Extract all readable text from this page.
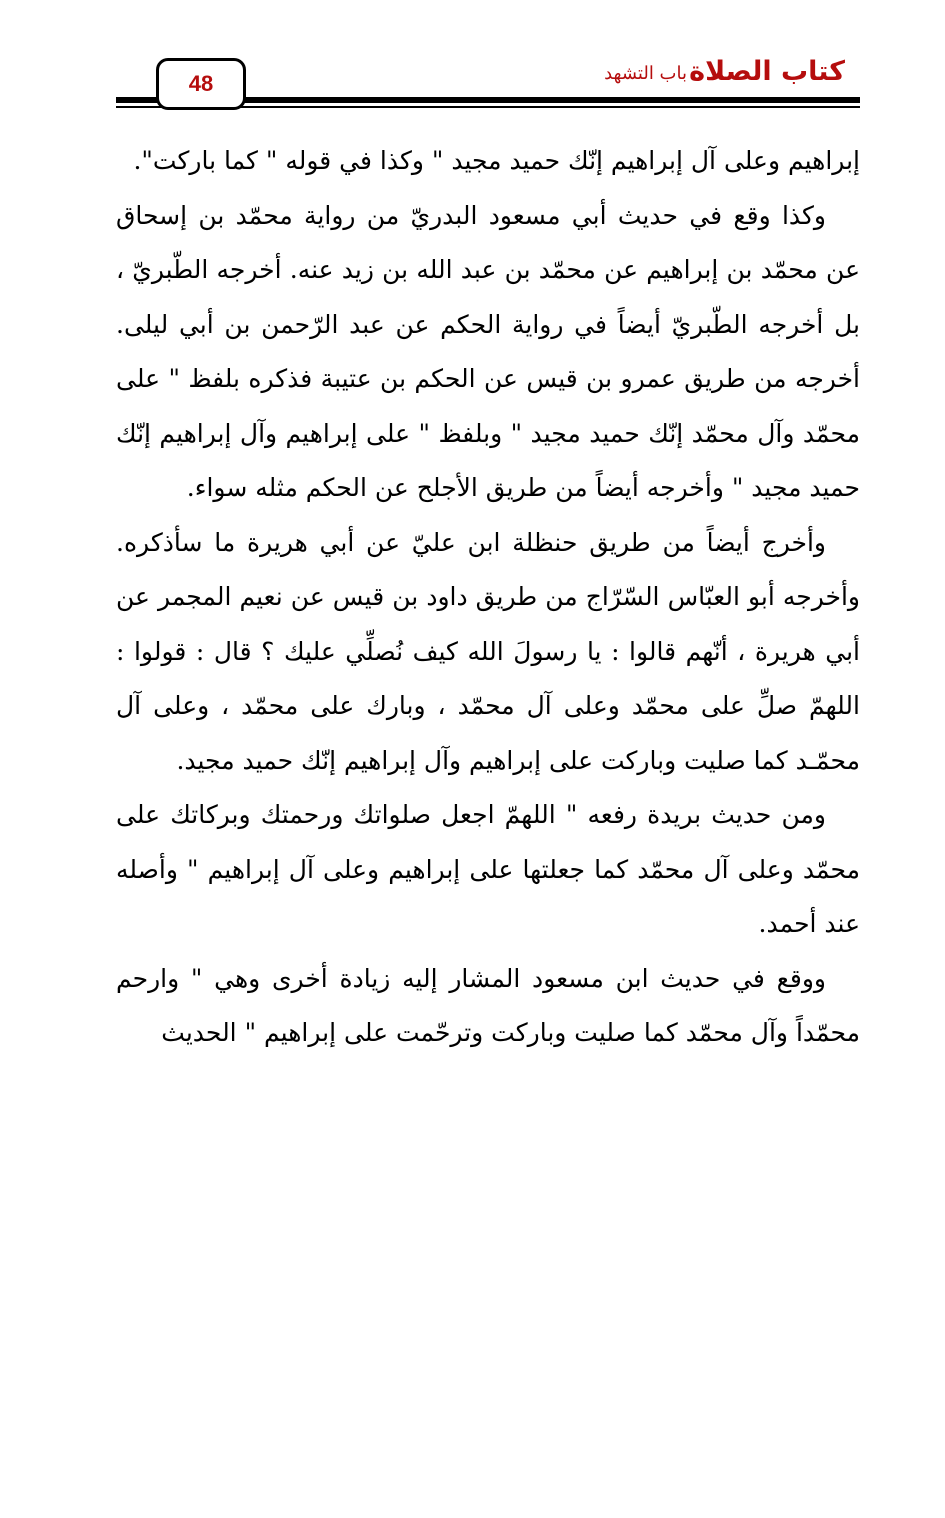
كتاب الصلاة
باب التشهد
48

إبراهيم وعلى آل إبراهيم إنّك حميد مجيد " وكذا في قوله " كما باركت".

وكذا وقع في حديث أبي مسعود البدريّ من رواية محمّد بن إسحاق عن محمّد بن إبراهيم عن محمّد بن عبد الله بن زيد عنه. أخرجه الطّبريّ ، بل أخرجه الطّبريّ أيضاً في رواية الحكم عن عبد الرّحمن بن أبي ليلى. أخرجه من طريق عمرو بن قيس عن الحكم بن عتيبة فذكره بلفظ " على محمّد وآل محمّد إنّك حميد مجيد " وبلفظ " على إبراهيم وآل إبراهيم إنّك حميد مجيد " وأخرجه أيضاً من طريق الأجلح عن الحكم مثله سواء.

وأخرج أيضاً من طريق حنظلة ابن عليّ عن أبي هريرة ما سأذكره. وأخرجه أبو العبّاس السّرّاج من طريق داود بن قيس عن نعيم المجمر عن أبي هريرة ، أنّهم قالوا : يا رسولَ الله كيف نُصلِّي عليك ؟ قال : قولوا : اللهمّ صلِّ على محمّد وعلى آل محمّد ، وبارك على محمّد ، وعلى آل محمّـد كما صليت وباركت على إبراهيم وآل إبراهيم إنّك حميد مجيد.

ومن حديث بريدة رفعه " اللهمّ اجعل صلواتك ورحمتك وبركاتك على محمّد وعلى آل محمّد كما جعلتها على إبراهيم وعلى آل إبراهيم " وأصله عند أحمد.

ووقع في حديث ابن مسعود المشار إليه زيادة أخرى وهي " وارحم محمّداً وآل محمّد كما صليت وباركت وترحّمت على إبراهيم " الحديث
